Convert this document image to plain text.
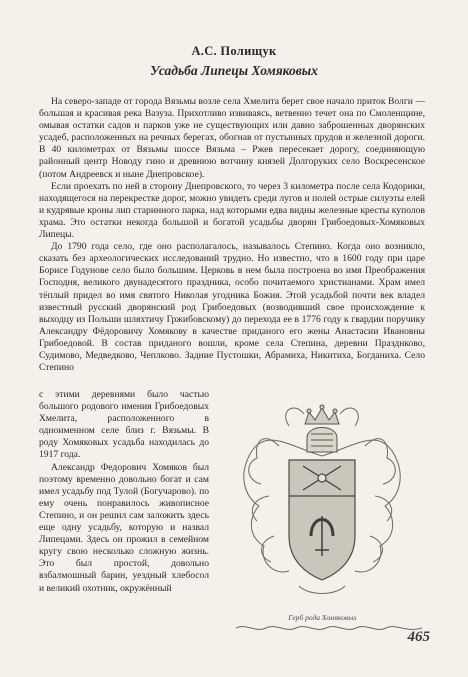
А.С. Полищук
Усадьба Липецы Хомяковых

На северо-западе от города Вязьмы возле села Хмелита берет свое начало приток Волги — большая и красивая река Вазуза. Прихотливо извиваясь, ветвенно течет она по Смоленщине, омывая остатки садов и парков уже не существующих или давно заброшенных дворянских усадеб, расположенных на речных берегах, обогнав от пустынных прудов и железной дороги. В 40 километрах от Вязьмы шоссе Вязьма – Ржев пересекает дорогу, соединяющую районный центр Новоду гино и древнюю вотчину князей Долгоруких село Воскресенское (потом Андреевск и ныне Днепровское).

Если проехать по ней в сторону Днепровского, то через 3 километра после села Кодорики, находящегося на перекрестке дорог, можно увидеть среди лугов и полей острые силуэты елей и кудрявые кроны лип старинного парка, над которыми едва видны железные кресты куполов храма. Это остатки некогда большой и богатой усадьбы дворян Грибоедовых-Хомяковых Липецы.

До 1790 года село, где оно располагалось, называлось Степино. Когда оно возникло, сказать без археологических исследований трудно. Но известно, что в 1600 году при царе Борисе Годунове село было большим. Церковь в нем была построена во имя Преображения Господня, великого двунадесятого праздника, особо почитаемого христианами. Храм имел тёплый придел во имя святого Николая угодника Божия. Этой усадьбой почти век владел известный русский дворянский род Грибоедовых (возводивший свое происхождение к выходцу из Польши шляхтичу Гржибовскому) до перехода ее в 1776 году к гвардии поручику Александру Фёдоровичу Хомякову в качестве приданого его жены Анастасии Ивановны Грибоедовой. В состав приданого вошли, кроме села Степина, деревни Празднково, Судимово, Медведково, Чеплково. Задние Пустошки, Абрамиха, Никитиха, Богданиха. Село Степино

с этими деревнями было частью большого родового имения Грибоедовых Хмелита, расположенного в одноименном селе близ г. Вязьмы. В роду Хомяковых усадьба находилась до 1917 года.

Александр Федорович Хомяков был поэтому временно довольно богат и сам имел усадьбу под Тулой (Богучарово). по ему очень понравилось живописное Степино, и он решил сам заложить здесь еще одну усадьбу, которую и назвал Липецами. Здесь он прожил в семейном кругу свою несколько сложную жизнь. Это был простой, довольно взбалмошный барин, уездный хлебосол и великий охотник, окружённый

Герб рода Хомяковых
465
